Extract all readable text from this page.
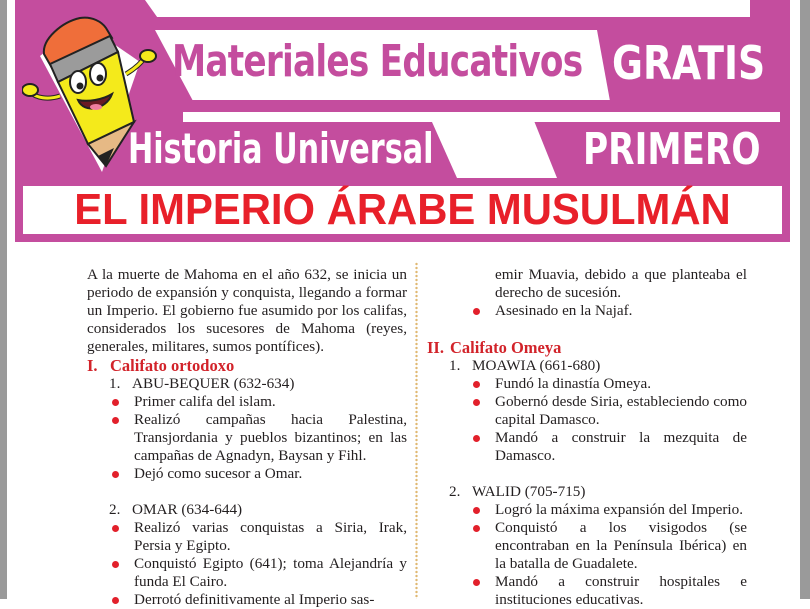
Materiales Educativos GRATIS
Historia Universal	PRIMERO
EL IMPERIO ÁRABE MUSULMÁN

A la muerte de Mahoma en el año 632, se inicia un periodo de expansión y conquista, llegando a formar un Imperio. El gobierno fue asumido por los califas, considerados los sucesores de Mahoma (reyes, generales, militares, sumos pontífices).

I. Califato ortodoxo
1. ABU-BEQUER (632-634)
Primer califa del islam.
Realizó campañas hacia Palestina, Transjordania y pueblos bizantinos; en las campañas de Agnadyn, Baysan y Fihl.
Dejó como sucesor a Omar.
2. OMAR (634-644)
Realizó varias conquistas a Siria, Irak, Persia y Egipto.
Conquistó Egipto (641); toma Alejandría y funda El Cairo.
Derrotó definitivamente al Imperio sas-

emir Muavia, debido a que planteaba el derecho de sucesión.

Asesinado en la Najaf.
II. Califato Omeya
1. MOAWIA (661-680)
Fundó la dinastía Omeya.
Gobernó desde Siria, estableciendo como capital Damasco.
Mandó a construir la mezquita de Damasco.
2. WALID (705-715)
Logró la máxima expansión del Imperio.
Conquistó a los visigodos (se encontraban en la Península Ibérica) en la batalla de Guadalete.
Mandó a construir hospitales e instituciones educativas.
